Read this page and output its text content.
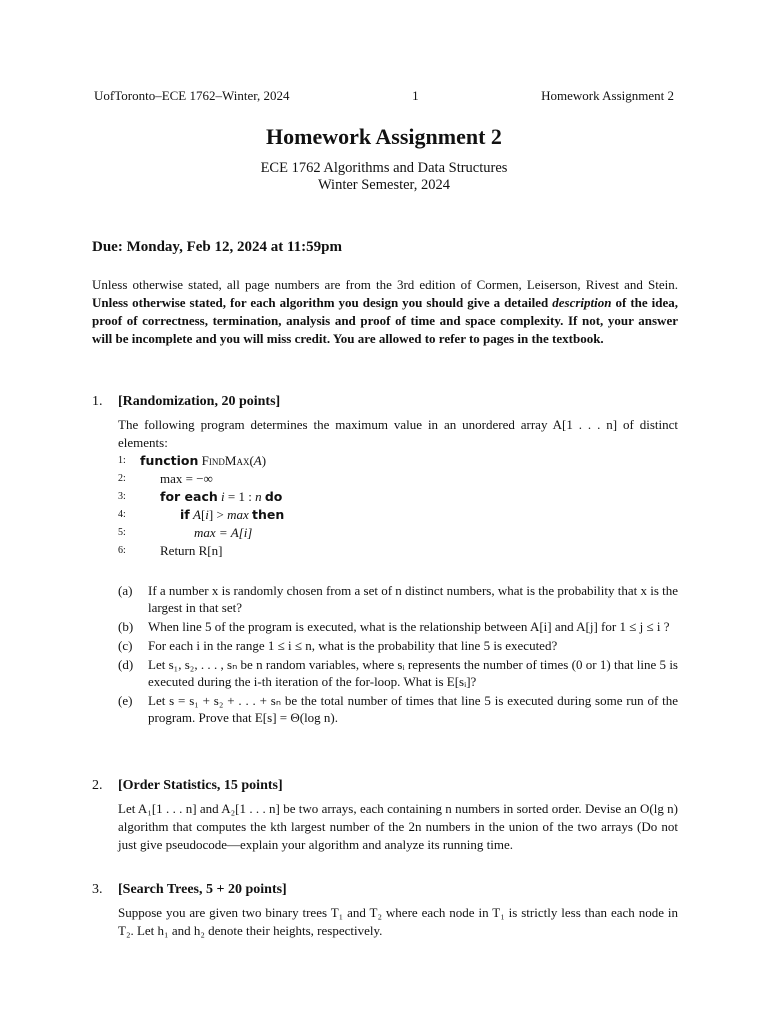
UofToronto–ECE 1762–Winter, 2024	1	Homework Assignment 2
Homework Assignment 2
ECE 1762 Algorithms and Data Structures
Winter Semester, 2024
Due: Monday, Feb 12, 2024 at 11:59pm
Unless otherwise stated, all page numbers are from the 3rd edition of Cormen, Leiserson, Rivest and Stein. Unless otherwise stated, for each algorithm you design you should give a detailed description of the idea, proof of correctness, termination, analysis and proof of time and space complexity. If not, your answer will be incomplete and you will miss credit. You are allowed to refer to pages in the textbook.
1. [Randomization, 20 points]
The following program determines the maximum value in an unordered array A[1 . . . n] of distinct elements:
1:	function FindMax(A)
2:	max = −∞
3:	for each i = 1 : n do
4:	if A[i] > max then
5:	max = A[i]
6:	Return R[n]
(a)	If a number x is randomly chosen from a set of n distinct numbers, what is the probability that x is the largest in that set?
(b)	When line 5 of the program is executed, what is the relationship between A[i] and A[j] for 1 ≤ j ≤ i ?
(c)	For each i in the range 1 ≤ i ≤ n, what is the probability that line 5 is executed?
(d)	Let s₁, s₂, . . . , sₙ be n random variables, where sᵢ represents the number of times (0 or 1) that line 5 is executed during the i-th iteration of the for-loop. What is E[sᵢ]?
(e)	Let s = s₁ + s₂ + . . . + sₙ be the total number of times that line 5 is executed during some run of the program. Prove that E[s] = Θ(log n).
2. [Order Statistics, 15 points]
Let A₁[1 . . . n] and A₂[1 . . . n] be two arrays, each containing n numbers in sorted order. Devise an O(lg n) algorithm that computes the kth largest number of the 2n numbers in the union of the two arrays (Do not just give pseudocode—explain your algorithm and analyze its running time.
3. [Search Trees, 5 + 20 points]
Suppose you are given two binary trees T₁ and T₂ where each node in T₁ is strictly less than each node in T₂. Let h₁ and h₂ denote their heights, respectively.
